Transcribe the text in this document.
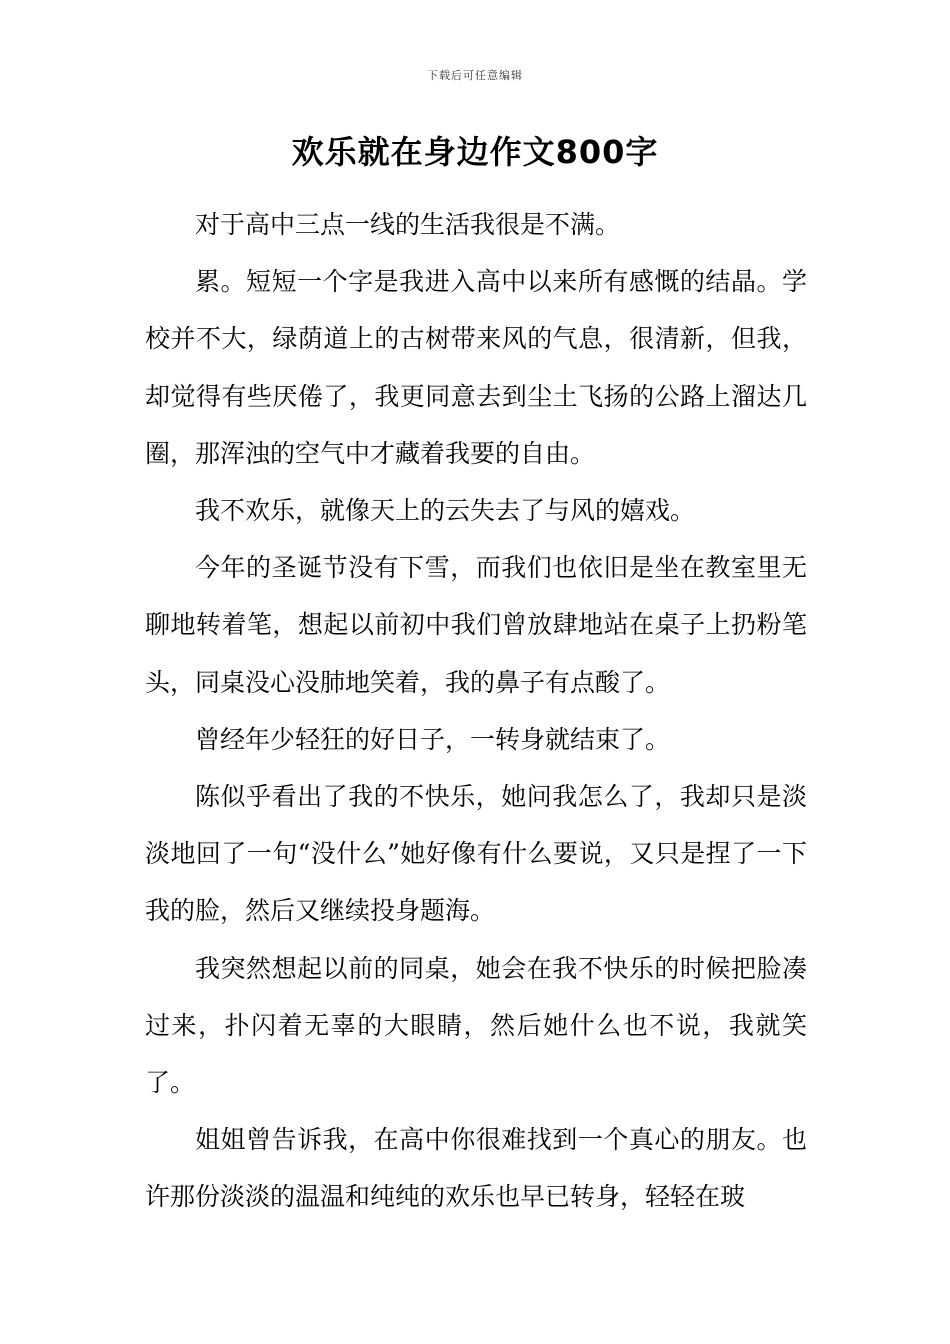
下载后可任意编辑
欢乐就在身边作文800字

对于高中三点一线的生活我很是不满。

累。短短一个字是我进入高中以来所有感慨的结晶。学校并不大，绿荫道上的古树带来风的气息，很清新，但我，却觉得有些厌倦了，我更同意去到尘土飞扬的公路上溜达几圈，那浑浊的空气中才藏着我要的自由。

我不欢乐，就像天上的云失去了与风的嬉戏。

今年的圣诞节没有下雪，而我们也依旧是坐在教室里无聊地转着笔，想起以前初中我们曾放肆地站在桌子上扔粉笔头，同桌没心没肺地笑着，我的鼻子有点酸了。

曾经年少轻狂的好日子，一转身就结束了。

陈似乎看出了我的不快乐，她问我怎么了，我却只是淡淡地回了一句“没什么”她好像有什么要说，又只是捏了一下我的脸，然后又继续投身题海。

我突然想起以前的同桌，她会在我不快乐的时候把脸凑过来，扑闪着无辜的大眼睛，然后她什么也不说，我就笑了。

姐姐曾告诉我，在高中你很难找到一个真心的朋友。也许那份淡淡的温温和纯纯的欢乐也早已转身，轻轻在玻
